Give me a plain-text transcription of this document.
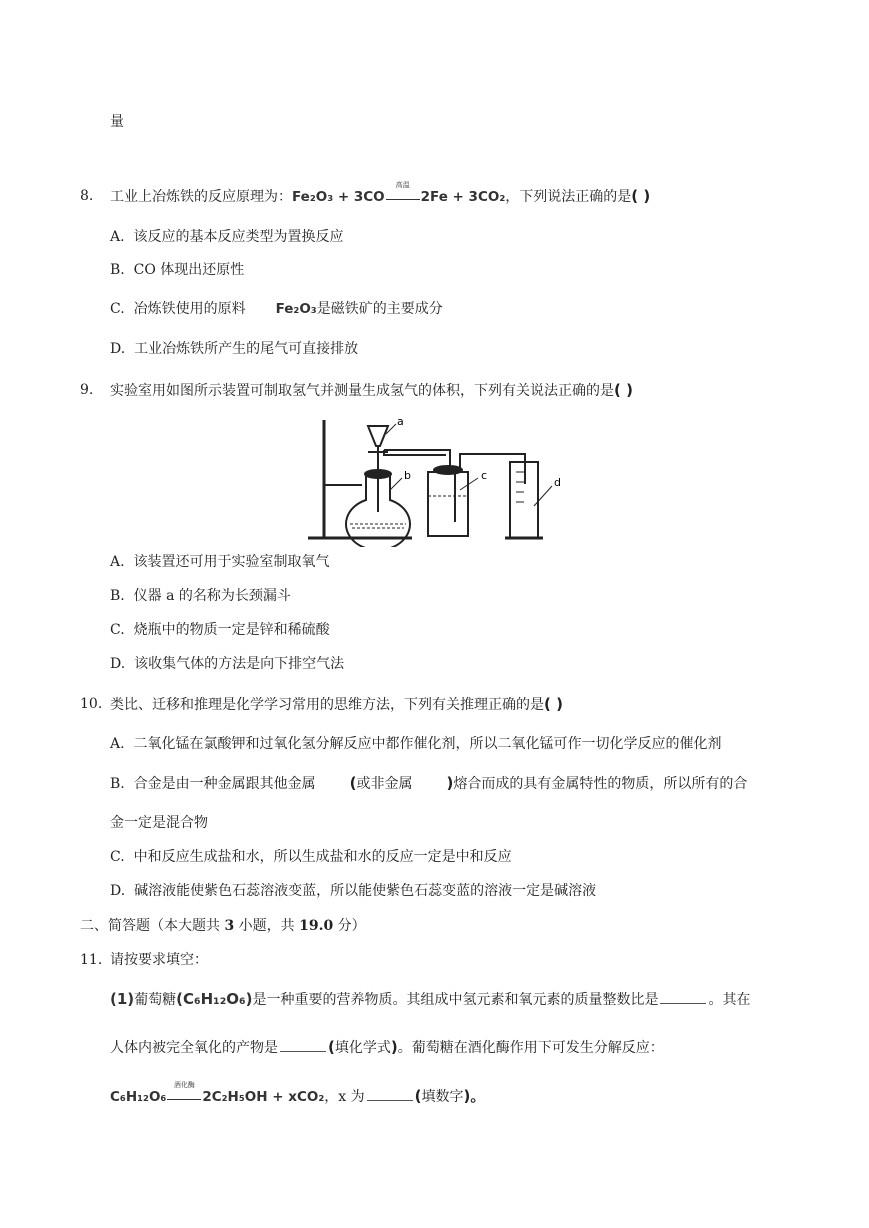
量
8. 工业上冶炼铁的反应原理为：Fe₂O₃ + 3CO
高温
2Fe + 3CO₂，下列说法正确的是( )
A. 该反应的基本反应类型为置换反应
B. CO 体现出还原性
C. 冶炼铁使用的原料 Fe₂O₃是磁铁矿的主要成分
D. 工业冶炼铁所产生的尾气可直接排放
9. 实验室用如图所示装置可制取氢气并测量生成氢气的体积，下列有关说法正确的是( )
a
b	c
d
A. 该装置还可用于实验室制取氧气
B. 仪器 a 的名称为长颈漏斗
C. 烧瓶中的物质一定是锌和稀硫酸
D. 该收集气体的方法是向下排空气法
10. 类比、迁移和推理是化学学习常用的思维方法，下列有关推理正确的是( )
A. 二氧化锰在氯酸钾和过氧化氢分解反应中都作催化剂，所以二氧化锰可作一切化学反应的催化剂
B. 合金是由一种金属跟其他金属 (或非金属 )熔合而成的具有金属特性的物质，所以所有的合
金一定是混合物
C. 中和反应生成盐和水，所以生成盐和水的反应一定是中和反应
D. 碱溶液能使紫色石蕊溶液变蓝，所以能使紫色石蕊变蓝的溶液一定是碱溶液
二、简答题（本大题共 3 小题，共 19.0 分）
11. 请按要求填空：
(1)葡萄糖(C₆H₁₂O₆)是一种重要的营养物质。其组成中氢元素和氧元素的质量整数比是	。其在
人体内被完全氧化的产物是	(填化学式)。葡萄糖在酒化酶作用下可发生分解反应：
C₆H₁₂O₆
酒化酶
2C₂H₅OH + xCO₂，x 为	(填数字)。
